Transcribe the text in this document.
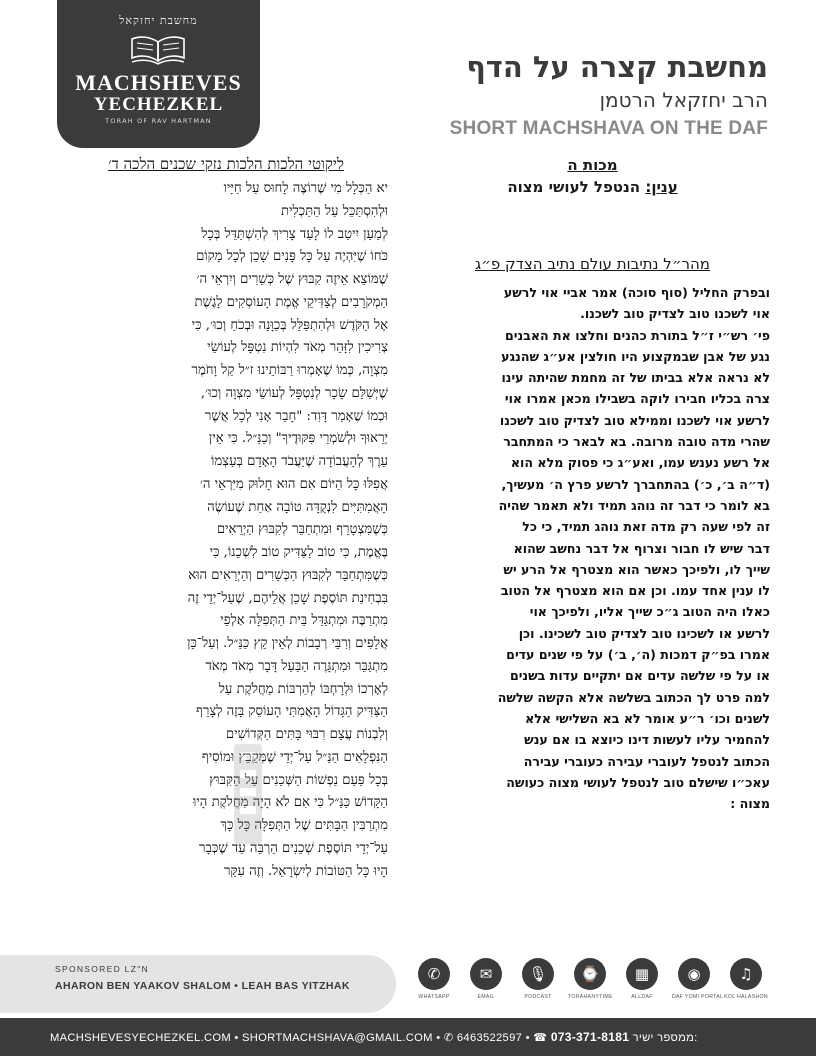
מחשבת יחזקאל
MACHSHEVES
YECHEZKEL
TORAH OF RAV HARTMAN
מחשבת קצרה על הדף
הרב יחזקאל הרטמן
SHORT MACHSHAVA ON THE DAF
ליקוטי הלכות הלכות נזקי שכנים הלכה ד׳
יא הַכְּלָל מִי שֶׁרוֹצֶה לָחוּס עַל חַיָּיו
וּלְהִסְתַּכֵּל עַל הַתַּכְלִית
לְמַעַן יִיטַב לוֹ לָעַד צָרִיךְ לְהִשְׁתַּדֵּל בְּכָל
כֹּחוֹ שֶׁיִּהְיֶה עַל כָּל פָּנִים שָׁכֵן לְכָל מָקוֹם
שֶׁמּוֹצֵא אֵיזֶה קִבּוּץ שֶׁל כְּשֵׁרִים וְיִרְאֵי ה׳
הַמְקֹרָבִים לְצַדִּיקֵי אֱמֶת הָעוֹסְקִים לָגֶשֶׁת
אֶל הַקֹּדֶשׁ וּלְהִתְפַּלֵּל בְּכַוָּנָה וּבְכֹחַ וְכוּ׳, כִּי
צְרִיכִין לִזָּהֵר מְאֹד לִהְיוֹת נִטְפָּל לְעוֹשֵׂי
מִצְוָה, כְּמוֹ שֶׁאָמְרוּ רַבּוֹתֵינוּ ז״ל קַל וָחֹמֶר
שֶׁיְּשַׁלֵּם שָׂכָר לְנִטְפָּל לְעוֹשֵׂי מִצְוָה וְכוּ׳,
וּכְמוֹ שֶׁאָמַר דָּוִד: "חָבֵר אָנִי לְכָל אֲשֶׁר
יְרֵאוּךָ וּלְשֹׁמְרֵי פִּקּוּדֶיךָ" וְכַנַּ״ל. כִּי אֵין
עֵרֶךְ לְהָעֲבוֹדָה שֶׁיַּעֲבֹד הָאָדָם בְּעַצְמוֹ
אֲפִלּוּ כָּל הַיּוֹם אִם הוּא חָלוּק מִיִּרְאֵי ה׳
הָאֲמִתִּיִּים לִנְקֻדָּה טוֹבָה אַחַת שֶׁעוֹשֶׂה
כְּשֶׁמִּצְטָרֵף וּמִתְחַבֵּר לְקִבּוּץ הַיְרֵאִים
בֶּאֱמֶת, כִּי טוֹב לַצַּדִּיק טוֹב לִשְׁכֵנוֹ, כִּי
כְּשֶׁמִּתְחַבֵּר לְקִבּוּץ הַכְּשֵׁרִים וְהַיְרֵאִים הוּא
בִּבְחִינַת תּוֹסֶפֶת שָׁכֵן אֲלֵיהֶם, שֶׁעַל־יְדֵי זֶה
מִתְרַבֶּה וּמִתְגַּדֵּל בֵּית הַתְּפִלָּה אַלְפֵי
אֲלָפִים וְרִבֵּי רְבָבוֹת לְאֵין קֵץ כַּנַּ״ל. וְעַל־כֵּן
מִתְגַּבֵּר וּמִתְגָּרֶה הַבַּעַל דָּבָר מְאֹד מְאֹד
לְאָרְכוֹ וּלְרָחְבּוֹ לְהַרְבּוֹת מַחֲלֹקֶת עַל
הַצַּדִּיק הַגָּדוֹל הָאֲמִתִּי הָעוֹסֵק בָּזֶה לְצָרֵף
וְלִבְנוֹת עֲצָם רִבּוּי בָּתִּים הַקְּדוֹשִׁים
הַנִּפְלָאִים הַנַּ״ל עַל־יְדֵי שֶׁמְּקַבֵּץ וּמוֹסִיף
בְּכָל פַּעַם נַפְשׁוֹת הַשְּׁכֵנִים עַל הַקִּבּוּץ
הַקָּדוֹשׁ כַּנַּ״ל כִּי אִם לֹא הָיָה מַחֲלֹקֶת הָיוּ
מִתְרַבִּין הַבָּתִּים שֶׁל הַתְּפִלָּה כָּל כָּךְ
עַל־יְדֵי תּוֹסֶפֶת שְׁכֵנִים הַרְבֵּה עַד שֶׁכְּבָר
הָיוּ כָּל הַטּוֹבוֹת לְיִשְׂרָאֵל. וְזֶה עִקַּר
מכות ה
ענין: הנטפל לעושי מצוה
מהר״ל נתיבות עולם נתיב הצדק פ״ג
ובפרק החליל (סוף סוכה) אמר אביי אוי לרשע
אוי לשכנו טוב לצדיק טוב לשכנו.
פי׳ רש״י ז״ל בתורת כהנים וחלצו את האבנים
נגע של אבן שבמקצוע היו חולצין אע״ג שהנגע
לא נראה אלא בביתו של זה מחמת שהיתה עינו
צרה בכליו חבירו לוקה בשבילו מכאן אמרו אוי
לרשע אוי לשכנו וממילא טוב לצדיק טוב לשכנו
שהרי מדה טובה מרובה. בא לבאר כי המתחבר
אל רשע נענש עמו, ואע״ג כי פסוק מלא הוא
(ד״ה ב׳, כ׳) בהתחברך לרשע פרץ ה׳ מעשיך,
בא לומר כי דבר זה נוהג תמיד ולא תאמר שהיה
זה לפי שעה רק מדה זאת נוהג תמיד, כי כל
דבר שיש לו חבור וצרוף אל דבר נחשב שהוא
שייך לו, ולפיכך כאשר הוא מצטרף אל הרע יש
לו ענין אחד עמו. וכן אם הוא מצטרף אל הטוב
כאלו היה הטוב ג״כ שייך אליו, ולפיכך אוי
לרשע או לשכינו טוב לצדיק טוב לשכינו. וכן
אמרו בפ״ק דמכות (ה׳, ב׳) על פי שנים עדים
או על פי שלשה עדים אם יתקיים עדות בשנים
למה פרט לך הכתוב בשלשה אלא הקשה שלשה
לשנים וכו׳ ר״ע אומר לא בא השלישי אלא
להחמיר עליו לעשות דינו כיוצא בו אם ענש
הכתוב לנטפל לעוברי עבירה כעוברי עבירה
עאכ״ו שישלם טוב לנטפל לעושי מצוה כעושה
מצוה :
SPONSORED LZ"N
AHARON BEN YAAKOV SHALOM • LEAH BAS YITZHAK
✆
WHATSAPP
✉
EMAIL
🎙
PODCAST
⌚
TORAHANYTIME
▦
ALLDAF
◉
DAF YOMI PORTAL
♫
KOL HALASHON
MACHSHEVESYECHEZKEL.COM • SHORTMACHSHAVA@GMAIL.COM • ✆ 6463522597 • ☎ 073-371-8181 ממספר ישיר:
